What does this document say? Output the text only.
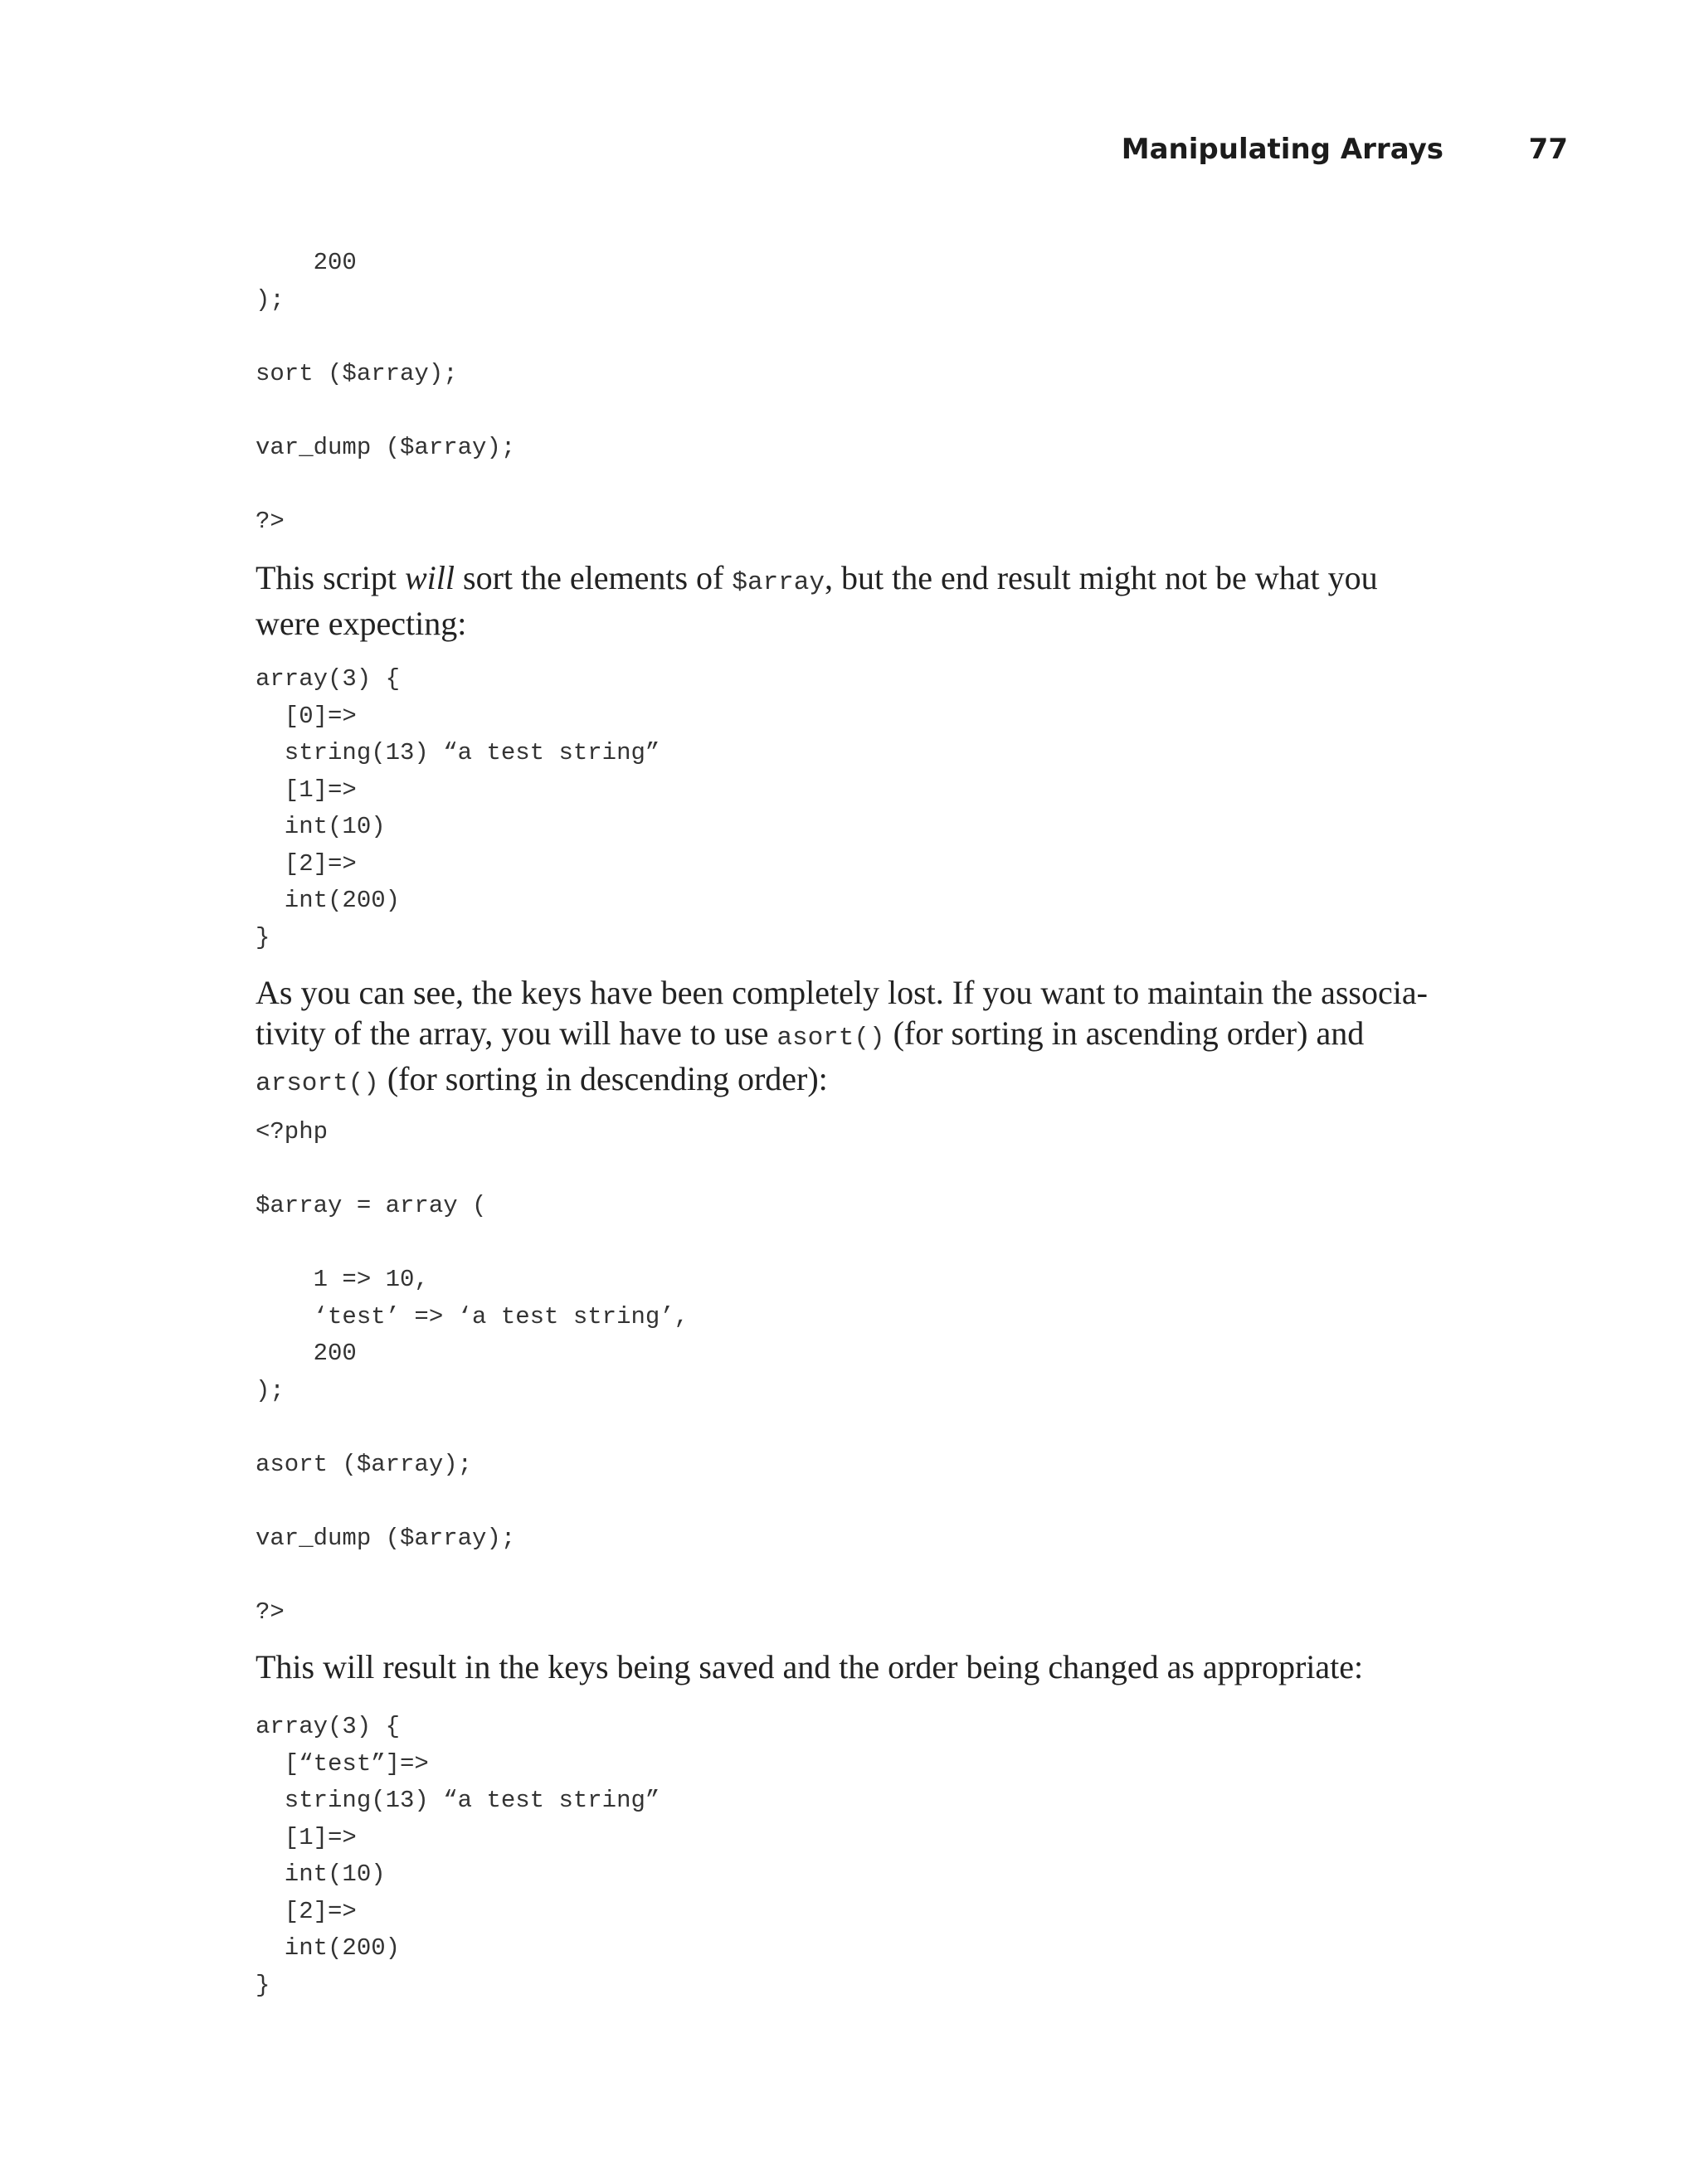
Manipulating Arrays	77
200
);

sort ($array);

var_dump ($array);

?>

This script will sort the elements of $array, but the end result might not be what you were expecting:

array(3) {
[0]=>
string(13) “a test string”
[1]=>
int(10)
[2]=>
int(200)
}

As you can see, the keys have been completely lost. If you want to maintain the associa-tivity of the array, you will have to use asort() (for sorting in ascending order) and arsort() (for sorting in descending order):

<?php

$array = array (

1 => 10,
‘test’ => ‘a test string’,
200
);

asort ($array);

var_dump ($array);

?>

This will result in the keys being saved and the order being changed as appropriate:

array(3) {
[“test”]=>
string(13) “a test string”
[1]=>
int(10)
[2]=>
int(200)
}
